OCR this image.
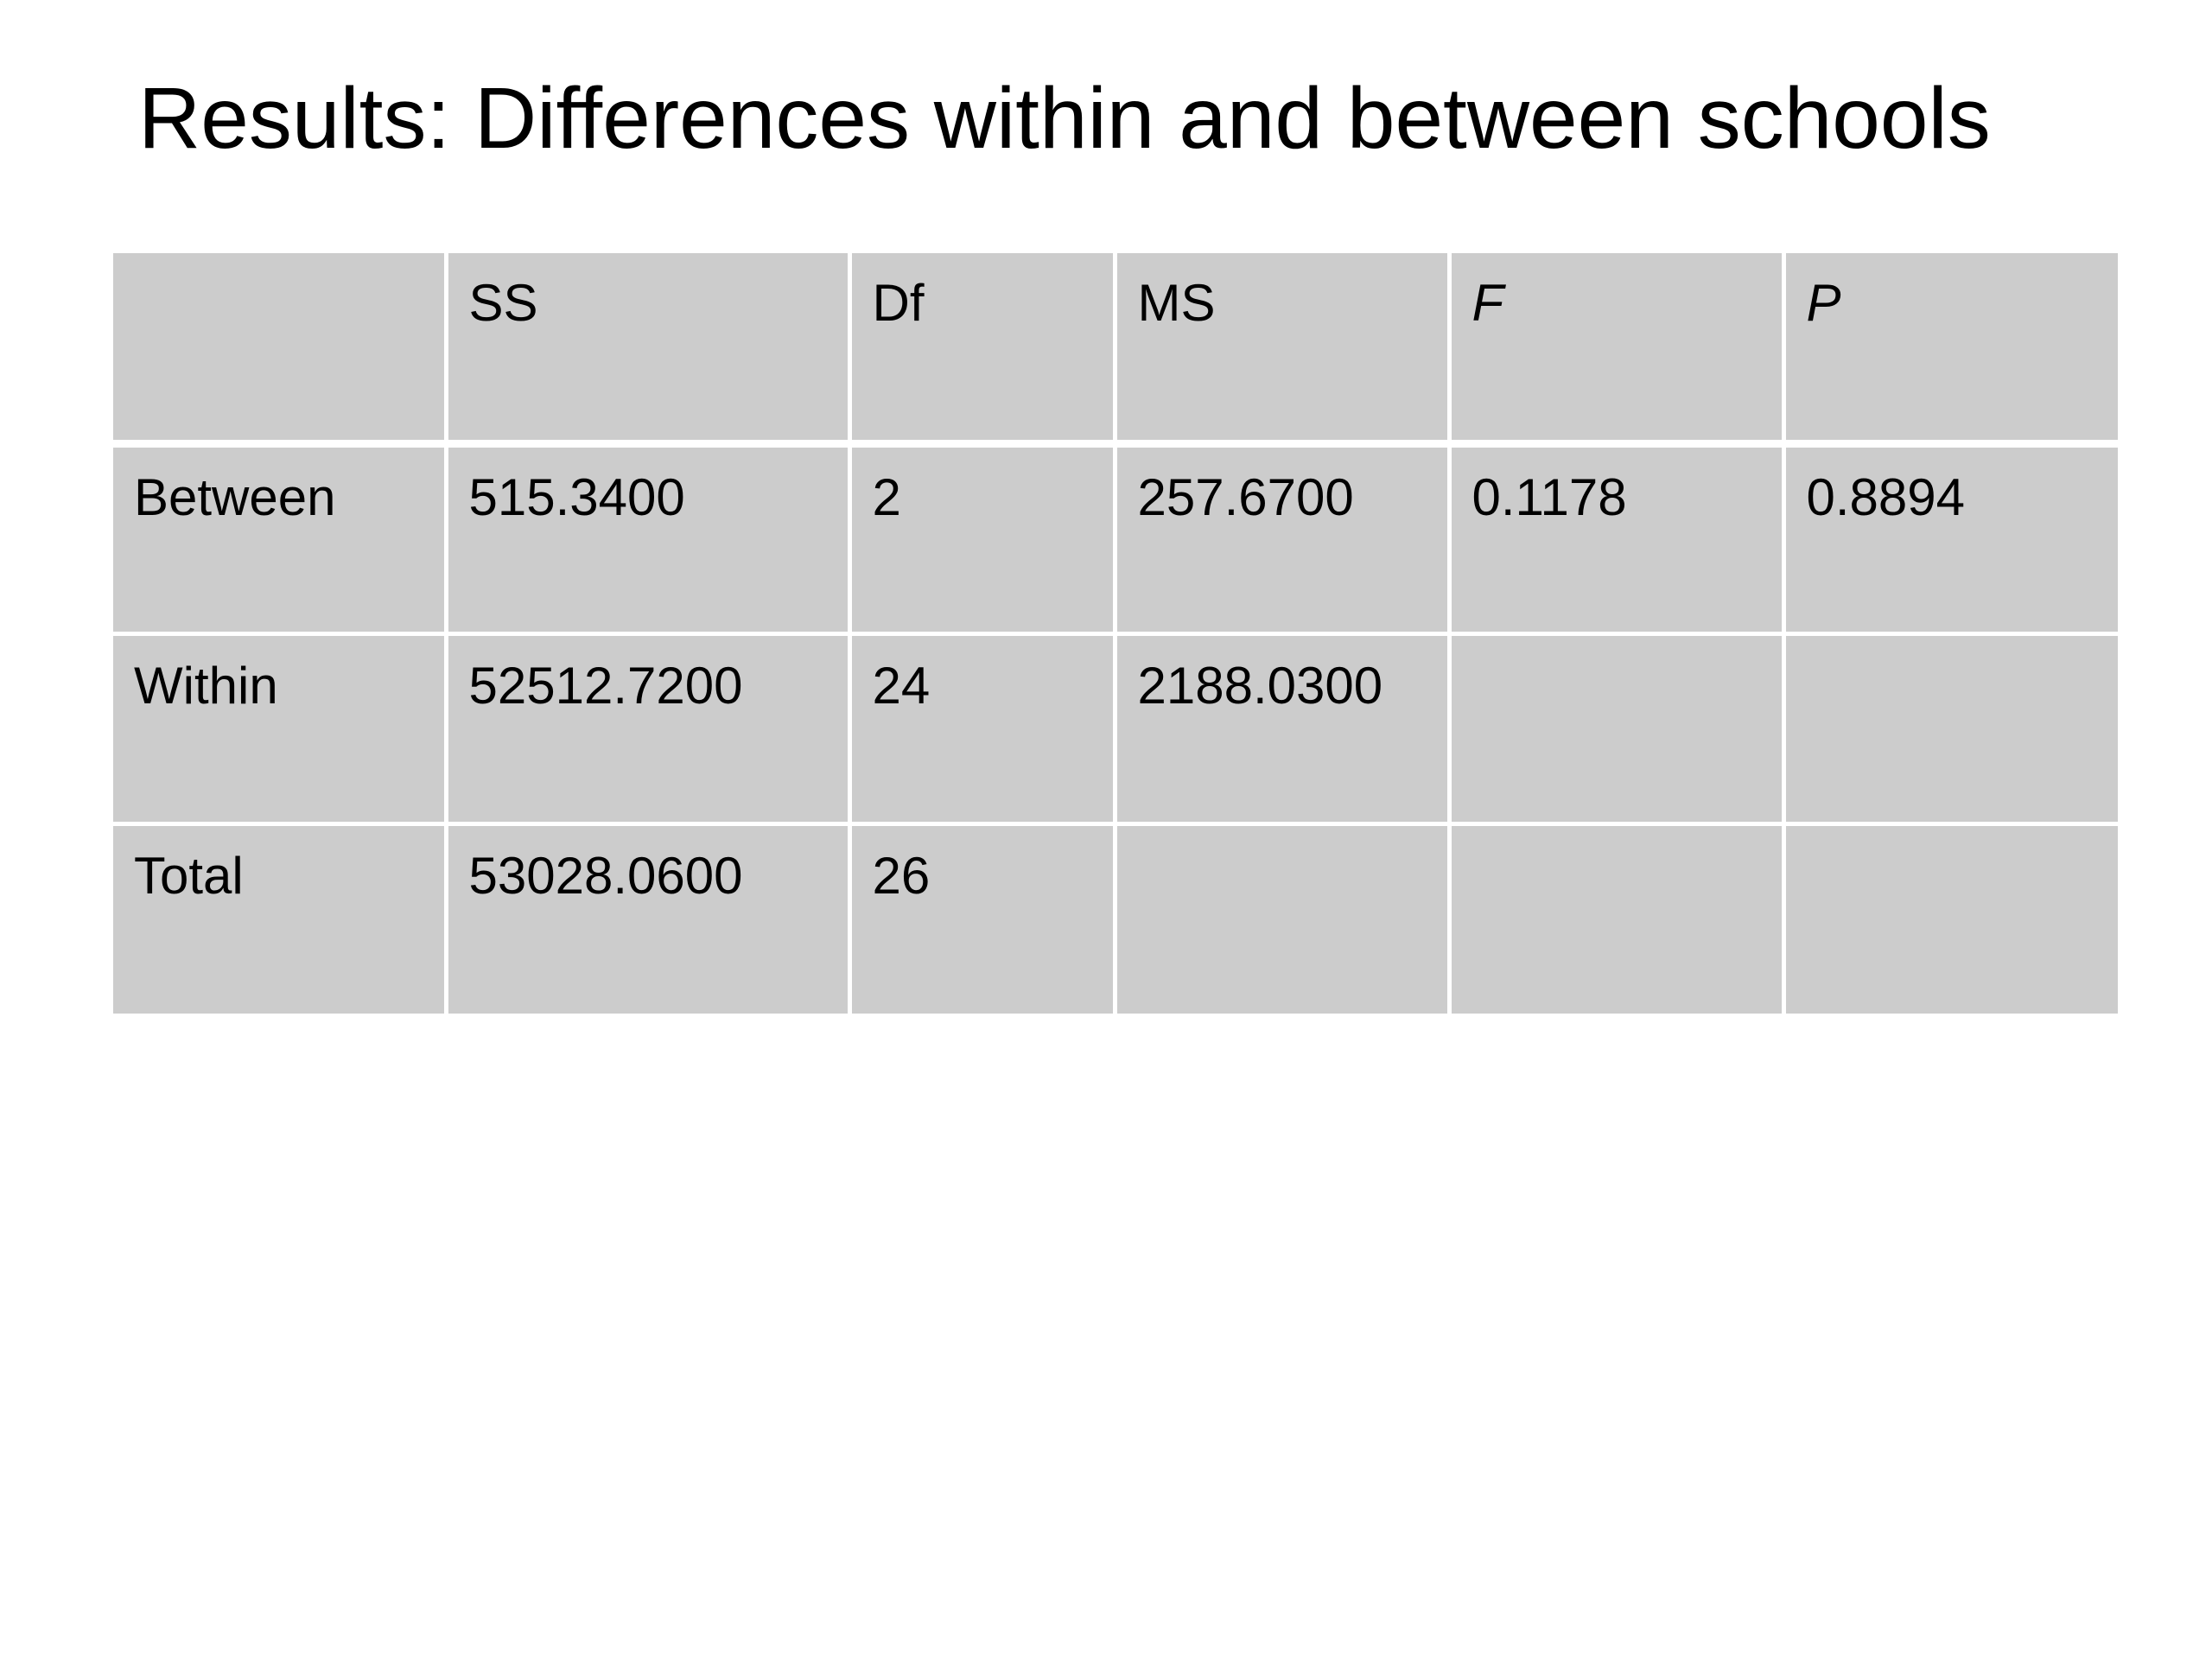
Results: Differences within and between schools
	SS	Df	MS	F	P
Between	515.3400	2	257.6700	0.1178	0.8894
Within	52512.7200	24	2188.0300		
Total	53028.0600	26			
